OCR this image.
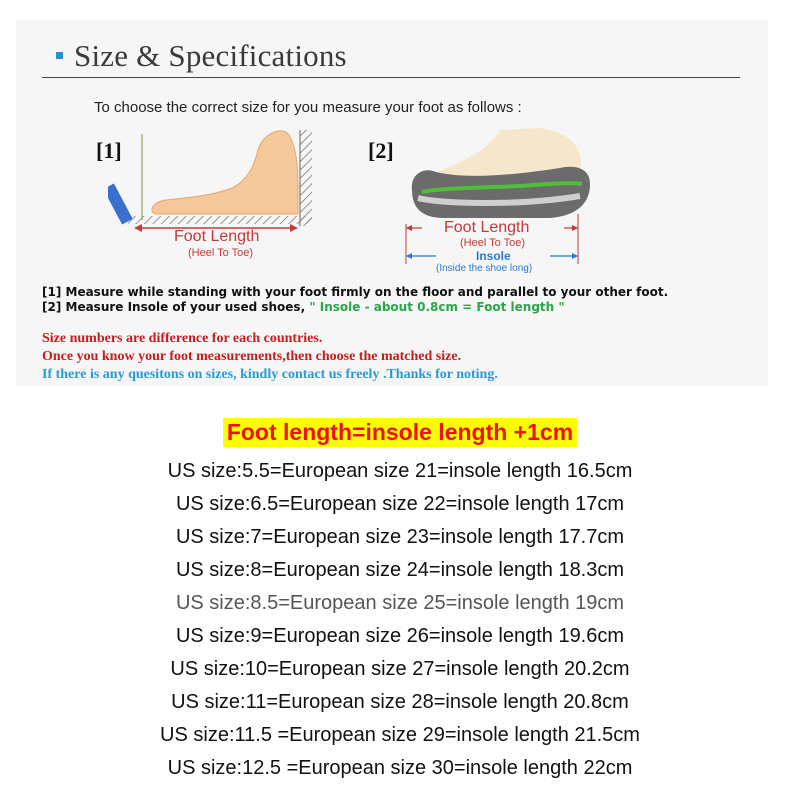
Size & Specifications
To choose the correct size for you measure your foot as follows :
[1]
Foot Length
(Heel To Toe)
[2]
Foot Length
(Heel To Toe)
Insole
(Inside the shoe long)
[1] Measure while standing with your foot firmly on the floor and parallel to your other foot.
[2] Measure Insole of your used shoes, " Insole - about 0.8cm = Foot length "
Size numbers are difference for each countries.
Once you know your foot measurements,then choose the matched size.
If there is any quesitons on sizes, kindly contact us freely .Thanks for noting.
Foot length=insole length +1cm
US size:5.5=European size 21=insole length 16.5cm
US size:6.5=European size 22=insole length 17cm
US size:7=European size 23=insole length 17.7cm
US size:8=European size 24=insole length 18.3cm
US size:8.5=European size 25=insole length 19cm
US size:9=European size 26=insole length 19.6cm
US size:10=European size 27=insole length 20.2cm
US size:11=European size 28=insole length 20.8cm
US size:11.5 =European size 29=insole length 21.5cm
US size:12.5 =European size 30=insole length 22cm
